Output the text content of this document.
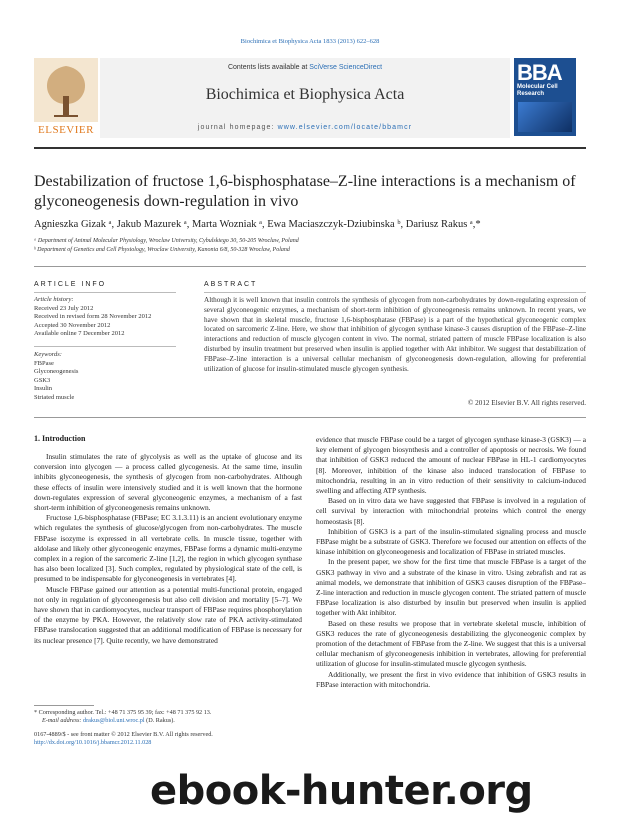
Biochimica et Biophysica Acta 1833 (2013) 622–628
ELSEVIER
Contents lists available at SciVerse ScienceDirect
Biochimica et Biophysica Acta
journal homepage: www.elsevier.com/locate/bbamcr
BBA
Molecular Cell Research
Destabilization of fructose 1,6-bisphosphatase–Z-line interactions is a mechanism of glyconeogenesis down-regulation in vivo
Agnieszka Gizak ᵃ, Jakub Mazurek ᵃ, Marta Wozniak ᵃ, Ewa Maciaszczyk-Dziubinska ᵇ, Dariusz Rakus ᵃ,*
ᵃ Department of Animal Molecular Physiology, Wroclaw University, Cybulskiego 30, 50-205 Wroclaw, Poland
ᵇ Department of Genetics and Cell Physiology, Wroclaw University, Kanonia 6/8, 50-328 Wroclaw, Poland
ARTICLE INFO	ABSTRACT
Article history:
Received 23 July 2012
Received in revised form 28 November 2012
Accepted 30 November 2012
Available online 7 December 2012
Keywords:
FBPase
Glyconeogenesis
GSK3
Insulin
Striated muscle
Although it is well known that insulin controls the synthesis of glycogen from non-carbohydrates by down-regulating expression of several glyconeogenic enzymes, a mechanism of short-term inhibition of glyconeogenesis remains unknown. In recent years, we have shown that in skeletal muscle, fructose 1,6-bisphosphatase (FBPase) is a part of the hypothetical glyconeogenic complex located on sarcomeric Z-line. Here, we show that inhibition of glycogen synthase kinase-3 causes disruption of the FBPase–Z-line interactions and reduction of muscle glycogen content in vivo. The normal, striated pattern of muscle FBPase localization is also disturbed by insulin treatment but preserved when insulin is applied together with Akt inhibitor. We suggest that destabilization of FBPase–Z-line interaction is a universal cellular mechanism of glyconeogenesis down-regulation, allowing for preferential utilization of glucose for insulin-stimulated muscle glycogen synthesis.
© 2012 Elsevier B.V. All rights reserved.
1. Introduction

Insulin stimulates the rate of glycolysis as well as the uptake of glucose and its conversion into glycogen — a process called glycogenesis. At the same time, insulin inhibits glyconeogenesis, the synthesis of glycogen from non-carbohydrates. Although these effects of insulin were intensively studied and it is well known that the hormone down-regulates expression of several glyconeogenic enzymes, a mechanism of a fast short-term inhibition of glyconeogenesis remains unknown.

Fructose 1,6-bisphosphatase (FBPase; EC 3.1.3.11) is an ancient evolutionary enzyme which regulates the synthesis of glucose/glycogen from non-carbohydrates. The muscle FBPase isozyme is expressed in all vertebrate cells. In muscle tissue, together with aldolase and likely other glyconeogenic enzymes, FBPase forms a dynamic multi-enzyme complex in a region of the sarcomeric Z-line [1,2], the region in which glycogen synthase has also been localized [3]. Such complex, regulated by physiological state of the cell, is presumed to be indispensable for glyconeogenesis in vertebrates [4].

Muscle FBPase gained our attention as a potential multi-functional protein, engaged not only in regulation of glyconeogenesis but also cell division and mortality [5–7]. We have shown that in cardiomyocytes, nuclear transport of FBPase requires phosphorylation of the enzyme by PKA. However, the relatively slow rate of PKA activity-stimulated FBPase translocation suggested that an additional modification of FBPase is necessary for its nuclear presence [7]. Quite recently, we have demonstrated

evidence that muscle FBPase could be a target of glycogen synthase kinase-3 (GSK3) — a key element of glycogen biosynthesis and a controller of apoptosis or necrosis. We found that inhibition of GSK3 reduced the amount of nuclear FBPase in HL-1 cardiomyocytes [8]. Moreover, inhibition of the kinase also induced translocation of FBPase to mitochondria, resulting in an in vitro reduction of their sensitivity to calcium-induced swelling and affecting ATP synthesis.

Based on in vitro data we have suggested that FBPase is involved in a regulation of cell survival by interaction with mitochondrial proteins which control the energy homeostasis [8].

Inhibition of GSK3 is a part of the insulin-stimulated signaling process and muscle FBPase might be a substrate of GSK3. Therefore we focused our attention on effects of the kinase inhibition on glyconeogenesis and localization of FBPase in striated muscles.

In the present paper, we show for the first time that muscle FBPase is a target of the GSK3 pathway in vivo and a substrate of the kinase in vitro. Using zebrafish and rat as animal models, we demonstrate that inhibition of GSK3 causes disruption of the FBPase–Z-line interaction and reduction in muscle glycogen content. The striated pattern of muscle FBPase localization is also disturbed by insulin but preserved when insulin is applied together with Akt inhibitor.

Based on these results we propose that in vertebrate skeletal muscle, inhibition of GSK3 reduces the rate of glyconeogenesis destabilizing the glyconeogenic complex by promotion of the detachment of FBPase from the Z-line. We suggest that this is a universal cellular mechanism of glyconeogenesis inhibition in vertebrates, allowing for preferential utilization of glucose for insulin-stimulated muscle glycogen synthesis.

Additionally, we present the first in vivo evidence that inhibition of GSK3 results in FBPase interaction with mitochondria.

* Corresponding author. Tel.: +48 71 375 95 39; fax: +48 71 375 92 13.
E-mail address: drakus@biol.uni.wroc.pl (D. Rakus).
0167-4889/$ - see front matter © 2012 Elsevier B.V. All rights reserved.
http://dx.doi.org/10.1016/j.bbamcr.2012.11.028
ebook-hunter.org
